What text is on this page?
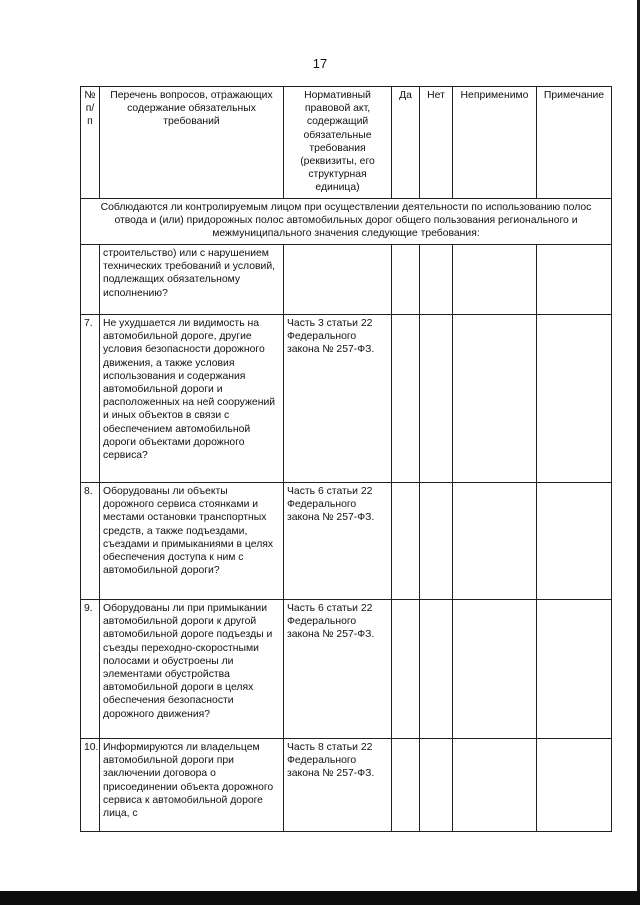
17
№ п/п	Перечень вопросов, отражающих содержание обязательных требований	Нормативный правовой акт, содержащий обязательные требования (реквизиты, его структурная единица)	Да	Нет	Неприменимо	Примечание
Соблюдаются ли контролируемым лицом при осуществлении деятельности по использованию полос отвода и (или) придорожных полос автомобильных дорог общего пользования регионального и межмуниципального значения следующие требования:						
	строительство) или с нарушением технических требований и условий, подлежащих обязательному исполнению?					
7.	Не ухудшается ли видимость на автомобильной дороге, другие условия безопасности дорожного движения, а также условия использования и содержания автомобильной дороги и расположенных на ней сооружений и иных объектов в связи с обеспечением автомобильной дороги объектами дорожного сервиса?	Часть 3 статьи 22 Федерального закона № 257-ФЗ.				
8.	Оборудованы ли объекты дорожного сервиса стоянками и местами остановки транспортных средств, а также подъездами, съездами и примыканиями в целях обеспечения доступа к ним с автомобильной дороги?	Часть 6 статьи 22 Федерального закона № 257-ФЗ.				
9.	Оборудованы ли при примыкании автомобильной дороги к другой автомобильной дороге подъезды и съезды переходно-скоростными полосами и обустроены ли элементами обустройства автомобильной дороги в целях обеспечения безопасности дорожного движения?	Часть 6 статьи 22 Федерального закона № 257-ФЗ.				
10.	Информируются ли владельцем автомобильной дороги при заключении договора о присоединении объекта дорожного сервиса к автомобильной дороге лица, с	Часть 8 статьи 22 Федерального закона № 257-ФЗ.				
